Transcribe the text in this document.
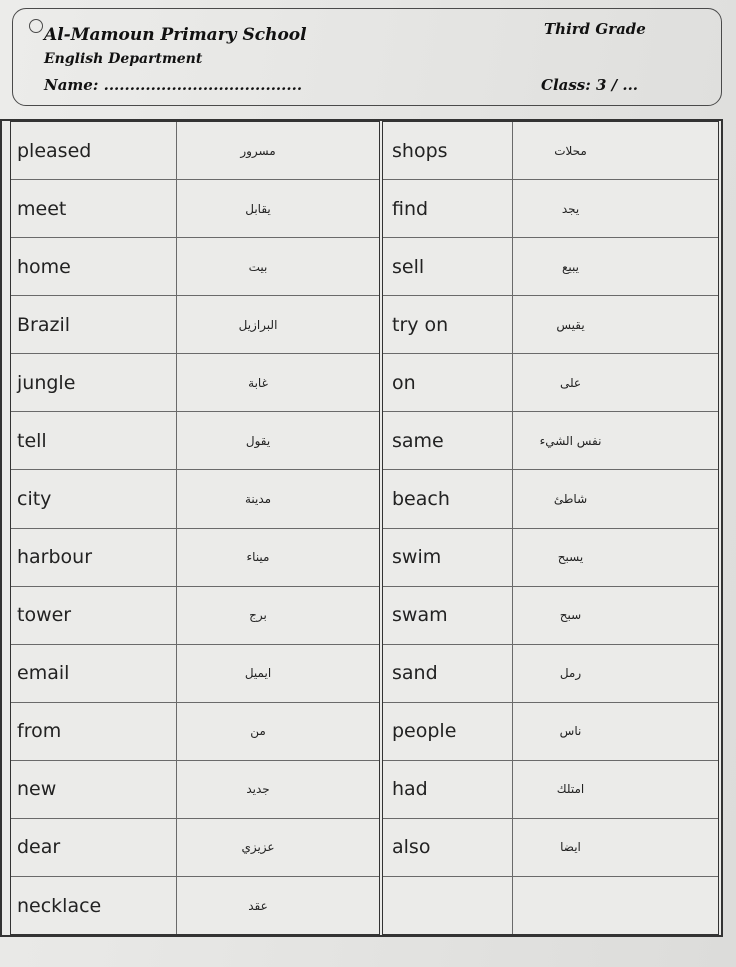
Al-Mamoun Primary School
English Department
Name: ......................................
Third Grade
Class: 3 / ...
pleased	مسرور
meet	يقابل
home	بيت
Brazil	البرازيل
jungle	غابة
tell	يقول
city	مدينة
harbour	ميناء
tower	برج
email	ايميل
from	من
new	جديد
dear	عزيزي
necklace	عقد
shops	محلات
find	يجد
sell	يبيع
try on	يقيس
on	على
same	نفس الشيء
beach	شاطئ
swim	يسبح
swam	سبح
sand	رمل
people	ناس
had	امتلك
also	ايضا
